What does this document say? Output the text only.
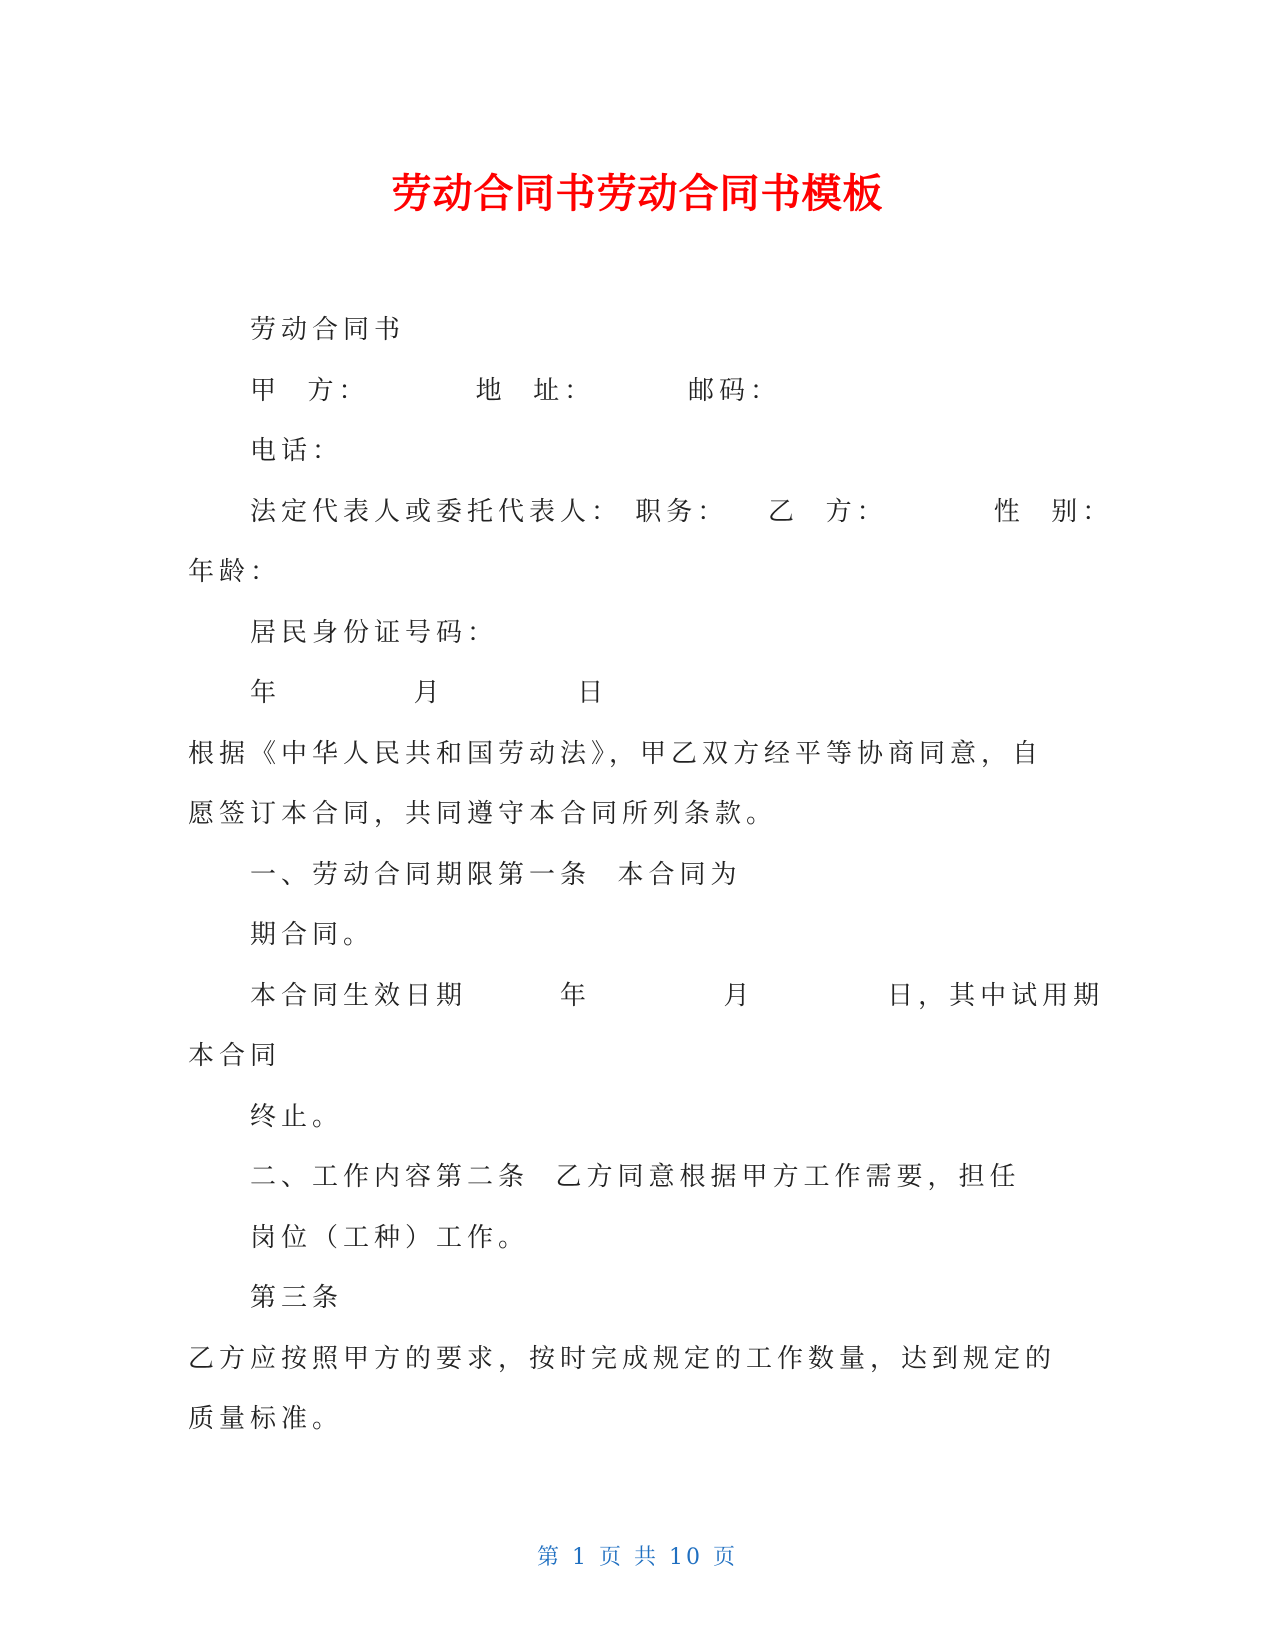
劳动合同书劳动合同书模板
劳动合同书
甲  方：        地  址：       邮码：
电话：
法定代表人或委托代表人： 职务：   乙  方：        性  别：
年龄：
居民身份证号码：
年          月          日
根据《中华人民共和国劳动法》，甲乙双方经平等协商同意，自
愿签订本合同，共同遵守本合同所列条款。
一、劳动合同期限第一条  本合同为
期合同。
本合同生效日期       年          月          日，其中试用期
本合同
终止。
二、工作内容第二条  乙方同意根据甲方工作需要，担任
岗位（工种）工作。
第三条
乙方应按照甲方的要求，按时完成规定的工作数量，达到规定的
质量标准。
第 1 页 共 10 页
